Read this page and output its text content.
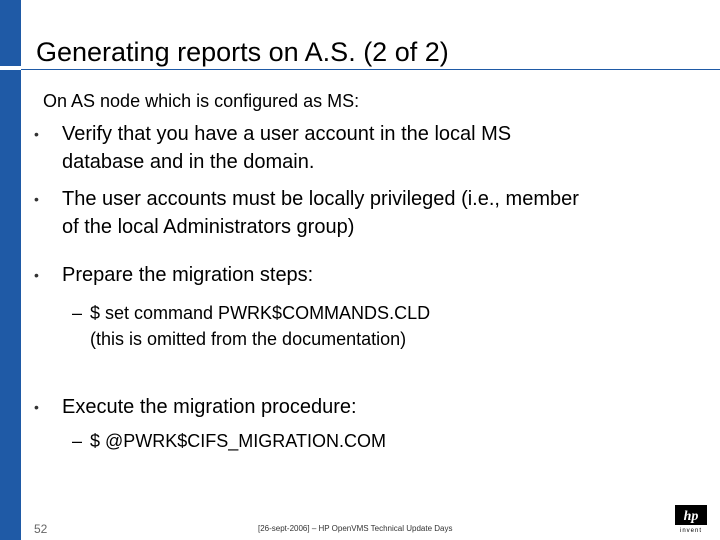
Generating reports on A.S. (2 of 2)
On AS node which is configured as MS:
• Verify that you have a user account in the local MS
database and in the domain.
• The user accounts must be locally privileged (i.e., member
of the local Administrators group)
• Prepare the migration steps:
– $ set command PWRK$COMMANDS.CLD
(this is omitted from the documentation)
• Execute the migration procedure:
– $ @PWRK$CIFS_MIGRATION.COM
52	[26-sept-2006] – HP OpenVMS Technical Update Days
hp
invent
